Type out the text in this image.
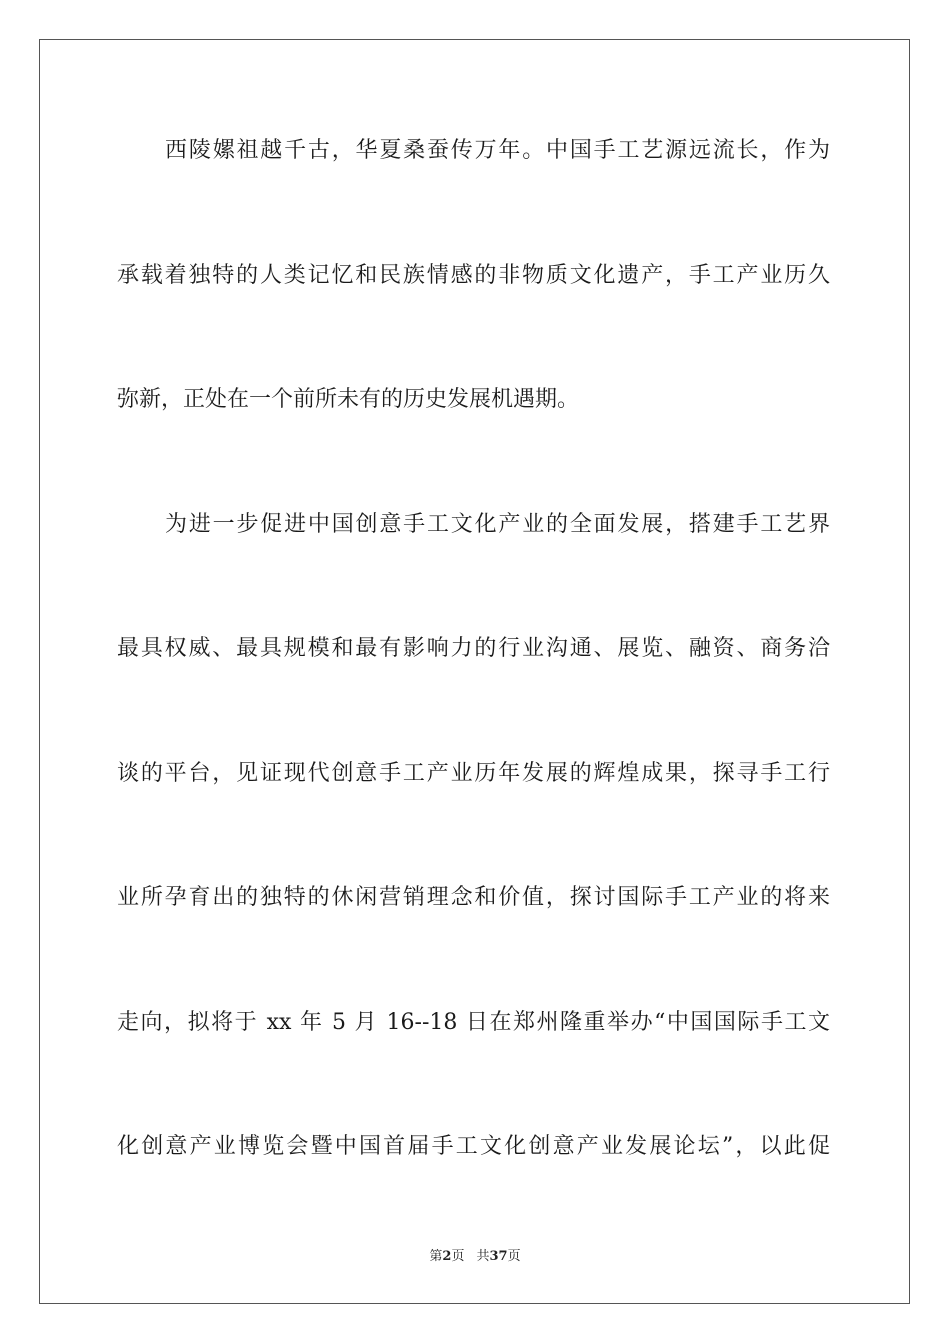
西陵嫘祖越千古，华夏桑蚕传万年。中国手工艺源远流长，作为
承载着独特的人类记忆和民族情感的非物质文化遗产，手工产业历久
弥新，正处在一个前所未有的历史发展机遇期。
为进一步促进中国创意手工文化产业的全面发展，搭建手工艺界
最具权威、最具规模和最有影响力的行业沟通、展览、融资、商务洽
谈的平台，见证现代创意手工产业历年发展的辉煌成果，探寻手工行
业所孕育出的独特的休闲营销理念和价值，探讨国际手工产业的将来
走向，拟将于 xx 年 5 月 16--18 日在郑州隆重举办“中国国际手工文
化创意产业博览会暨中国首届手工文化创意产业发展论坛”，以此促
第2页 共37页
